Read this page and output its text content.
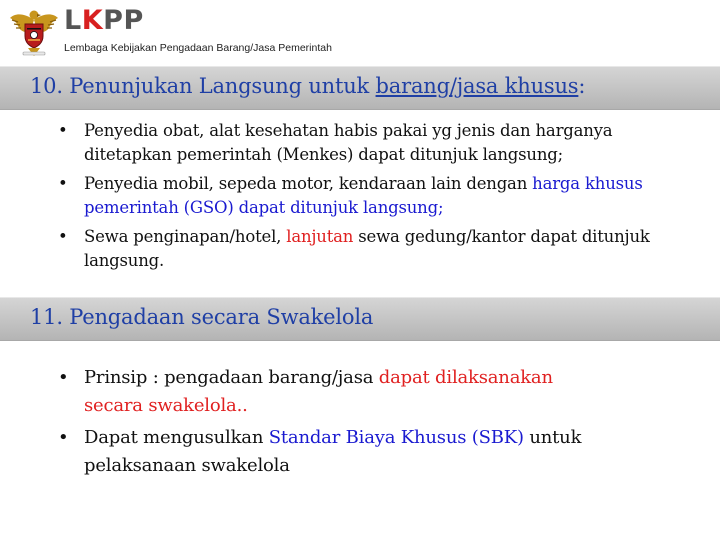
LKPP
Lembaga Kebijakan Pengadaan Barang/Jasa Pemerintah
10. Penunjukan Langsung untuk barang/jasa khusus:
• Penyedia obat, alat kesehatan habis pakai yg jenis dan harganya ditetapkan pemerintah (Menkes) dapat ditunjuk langsung;
• Penyedia mobil, sepeda motor, kendaraan lain dengan harga khusus pemerintah (GSO) dapat ditunjuk langsung;
• Sewa penginapan/hotel, lanjutan sewa gedung/kantor dapat ditunjuk langsung.
11. Pengadaan secara Swakelola
• Prinsip : pengadaan barang/jasa dapat dilaksanakan
secara swakelola..
• Dapat mengusulkan Standar Biaya Khusus (SBK) untuk pelaksanaan swakelola
